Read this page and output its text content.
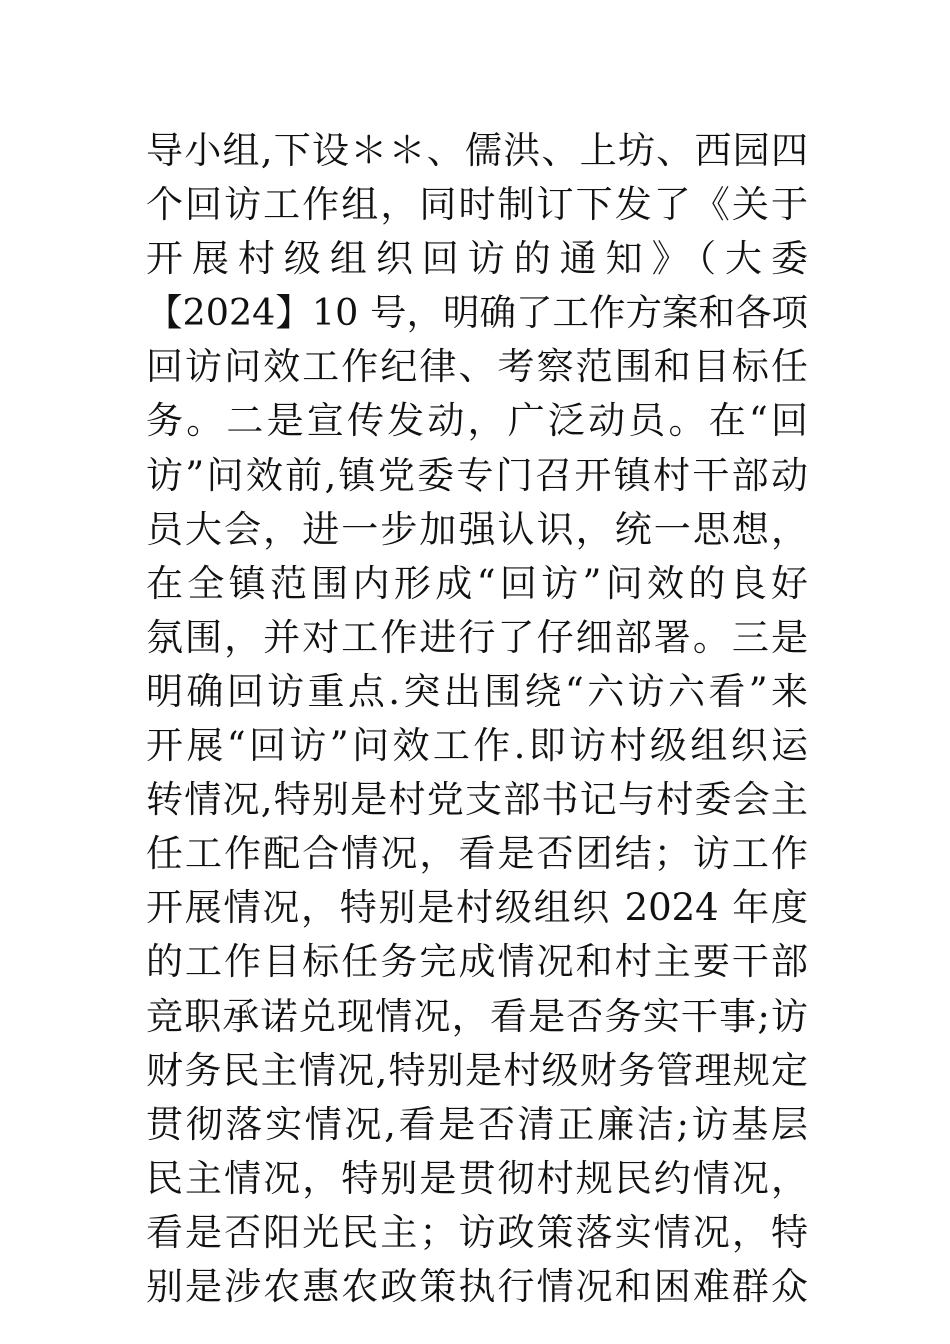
导小组,下设＊＊、儒洪、上坊、西园四
个回访工作组，同时制订下发了《关于
开展村级组织回访的通知》（大委
【2024】10 号，明确了工作方案和各项
回访问效工作纪律、考察范围和目标任
务。二是宣传发动，广泛动员。在“回
访”问效前,镇党委专门召开镇村干部动
员大会，进一步加强认识，统一思想，
在全镇范围内形成“回访”问效的良好
氛围，并对工作进行了仔细部署。三是
明确回访重点.突出围绕“六访六看”来
开展“回访”问效工作.即访村级组织运
转情况,特别是村党支部书记与村委会主
任工作配合情况，看是否团结；访工作
开展情况，特别是村级组织 2024 年度
的工作目标任务完成情况和村主要干部
竞职承诺兑现情况，看是否务实干事;访
财务民主情况,特别是村级财务管理规定
贯彻落实情况,看是否清正廉洁;访基层
民主情况，特别是贯彻村规民约情况，
看是否阳光民主；访政策落实情况，特
别是涉农惠农政策执行情况和困难群众
